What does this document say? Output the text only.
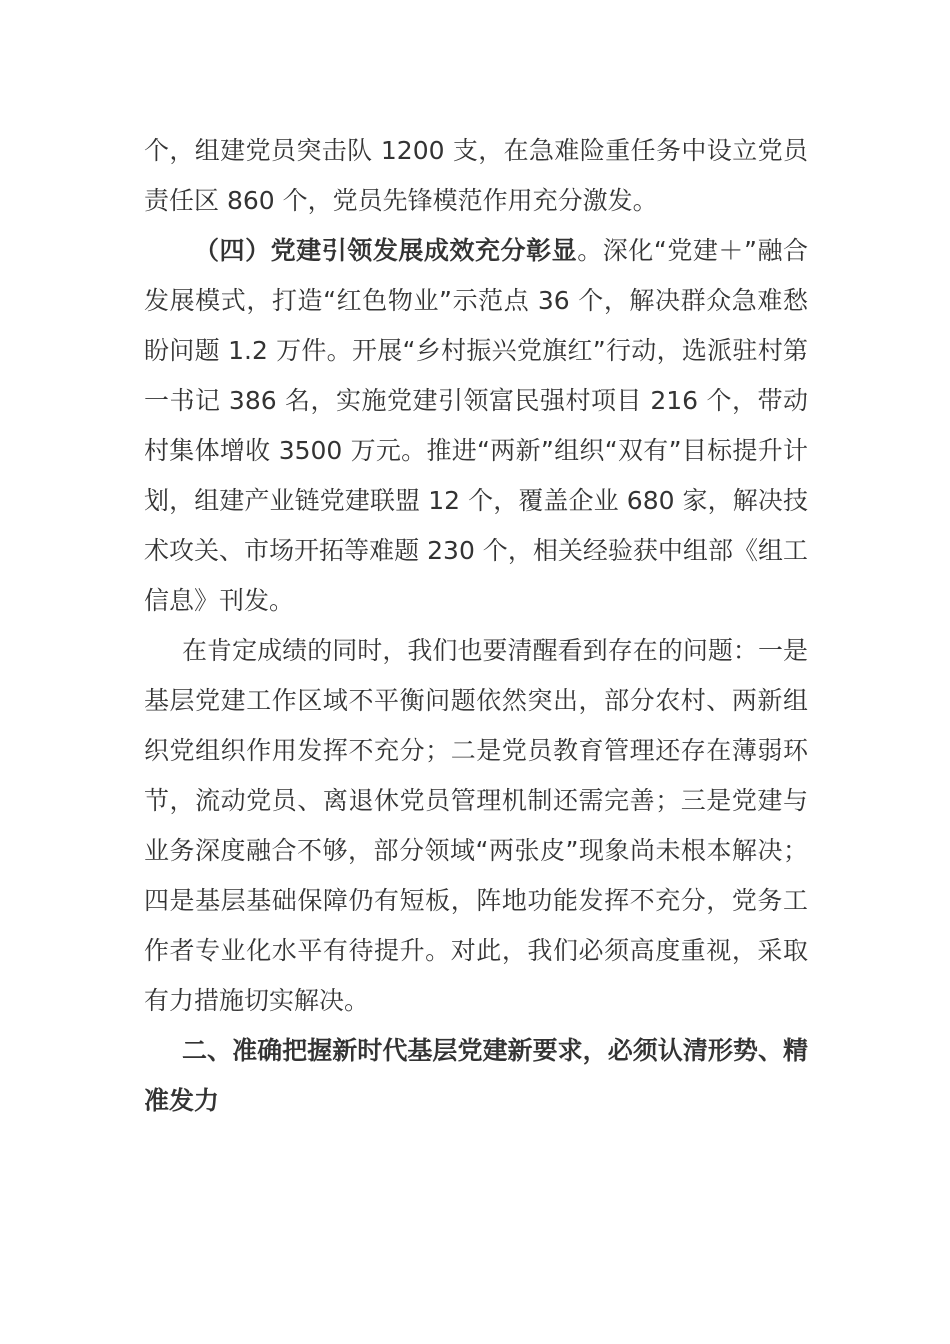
个，组建党员突击队 1200 支，在急难险重任务中设立党员责任区 860 个，党员先锋模范作用充分激发。

（四）党建引领发展成效充分彰显。深化“党建＋”融合发展模式，打造“红色物业”示范点 36 个，解决群众急难愁盼问题 1.2 万件。开展“乡村振兴党旗红”行动，选派驻村第一书记 386 名，实施党建引领富民强村项目 216 个，带动村集体增收 3500 万元。推进“两新”组织“双有”目标提升计划，组建产业链党建联盟 12 个，覆盖企业 680 家，解决技术攻关、市场开拓等难题 230 个，相关经验获中组部《组工信息》刊发。

在肯定成绩的同时，我们也要清醒看到存在的问题：一是基层党建工作区域不平衡问题依然突出，部分农村、两新组织党组织作用发挥不充分；二是党员教育管理还存在薄弱环节，流动党员、离退休党员管理机制还需完善；三是党建与业务深度融合不够，部分领域“两张皮”现象尚未根本解决；四是基层基础保障仍有短板，阵地功能发挥不充分，党务工作者专业化水平有待提升。对此，我们必须高度重视，采取有力措施切实解决。

二、准确把握新时代基层党建新要求，必须认清形势、精准发力
